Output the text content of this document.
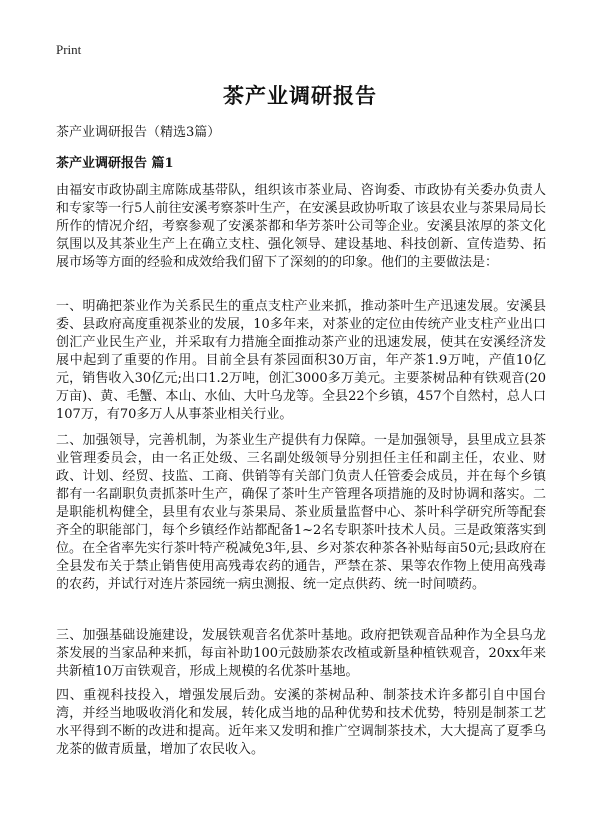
Print
茶产业调研报告
茶产业调研报告（精选3篇）
茶产业调研报告 篇1

由福安市政协副主席陈成基带队，组织该市茶业局、咨询委、市政协有关委办负责人和专家等一行5人前往安溪考察茶叶生产，在安溪县政协听取了该县农业与茶果局局长所作的情况介绍，考察参观了安溪茶都和华芳茶叶公司等企业。安溪县浓厚的茶文化氛围以及其茶业生产上在确立支柱、强化领导、建设基地、科技创新、宣传造势、拓展市场等方面的经验和成效给我们留下了深刻的的印象。他们的主要做法是：

一、明确把茶业作为关系民生的重点支柱产业来抓，推动茶叶生产迅速发展。安溪县委、县政府高度重视茶业的发展，10多年来，对茶业的定位由传统产业支柱产业出口创汇产业民生产业，并采取有力措施全面推动茶产业的迅速发展，使其在安溪经济发展中起到了重要的作用。目前全县有茶园面积30万亩，年产茶1.9万吨，产值10亿元，销售收入30亿元;出口1.2万吨，创汇3000多万美元。主要茶树品种有铁观音(20万亩)、黄、毛蟹、本山、水仙、大叶乌龙等。全县22个乡镇，457个自然村，总人口107万，有70多万人从事茶业相关行业。

二、加强领导，完善机制，为茶业生产提供有力保障。一是加强领导，县里成立县茶业管理委员会，由一名正处级、三名副处级领导分别担任主任和副主任，农业、财政、计划、经贸、技监、工商、供销等有关部门负责人任管委会成员，并在每个乡镇都有一名副职负责抓茶叶生产，确保了茶叶生产管理各项措施的及时协调和落实。二是职能机构健全，县里有农业与茶果局、茶业质量监督中心、茶叶科学研究所等配套齐全的职能部门，每个乡镇经作站都配备1~2名专职茶叶技术人员。三是政策落实到位。在全省率先实行茶叶特产税减免3年,县、乡对茶农种茶各补贴每亩50元;县政府在全县发布关于禁止销售使用高残毒农药的通告，严禁在茶、果等农作物上使用高残毒的农药，并试行对连片茶园统一病虫测报、统一定点供药、统一时间喷药。

三、加强基础设施建设，发展铁观音名优茶叶基地。政府把铁观音品种作为全县乌龙茶发展的当家品种来抓，每亩补助100元鼓励茶农改植或新垦种植铁观音，20xx年来共新植10万亩铁观音，形成上规模的名优茶叶基地。

四、重视科技投入，增强发展后劲。安溪的茶树品种、制茶技术许多都引自中国台湾，并经当地吸收消化和发展，转化成当地的品种优势和技术优势，特别是制茶工艺水平得到不断的改进和提高。近年来又发明和推广空调制茶技术，大大提高了夏季乌龙茶的做青质量，增加了农民收入。
